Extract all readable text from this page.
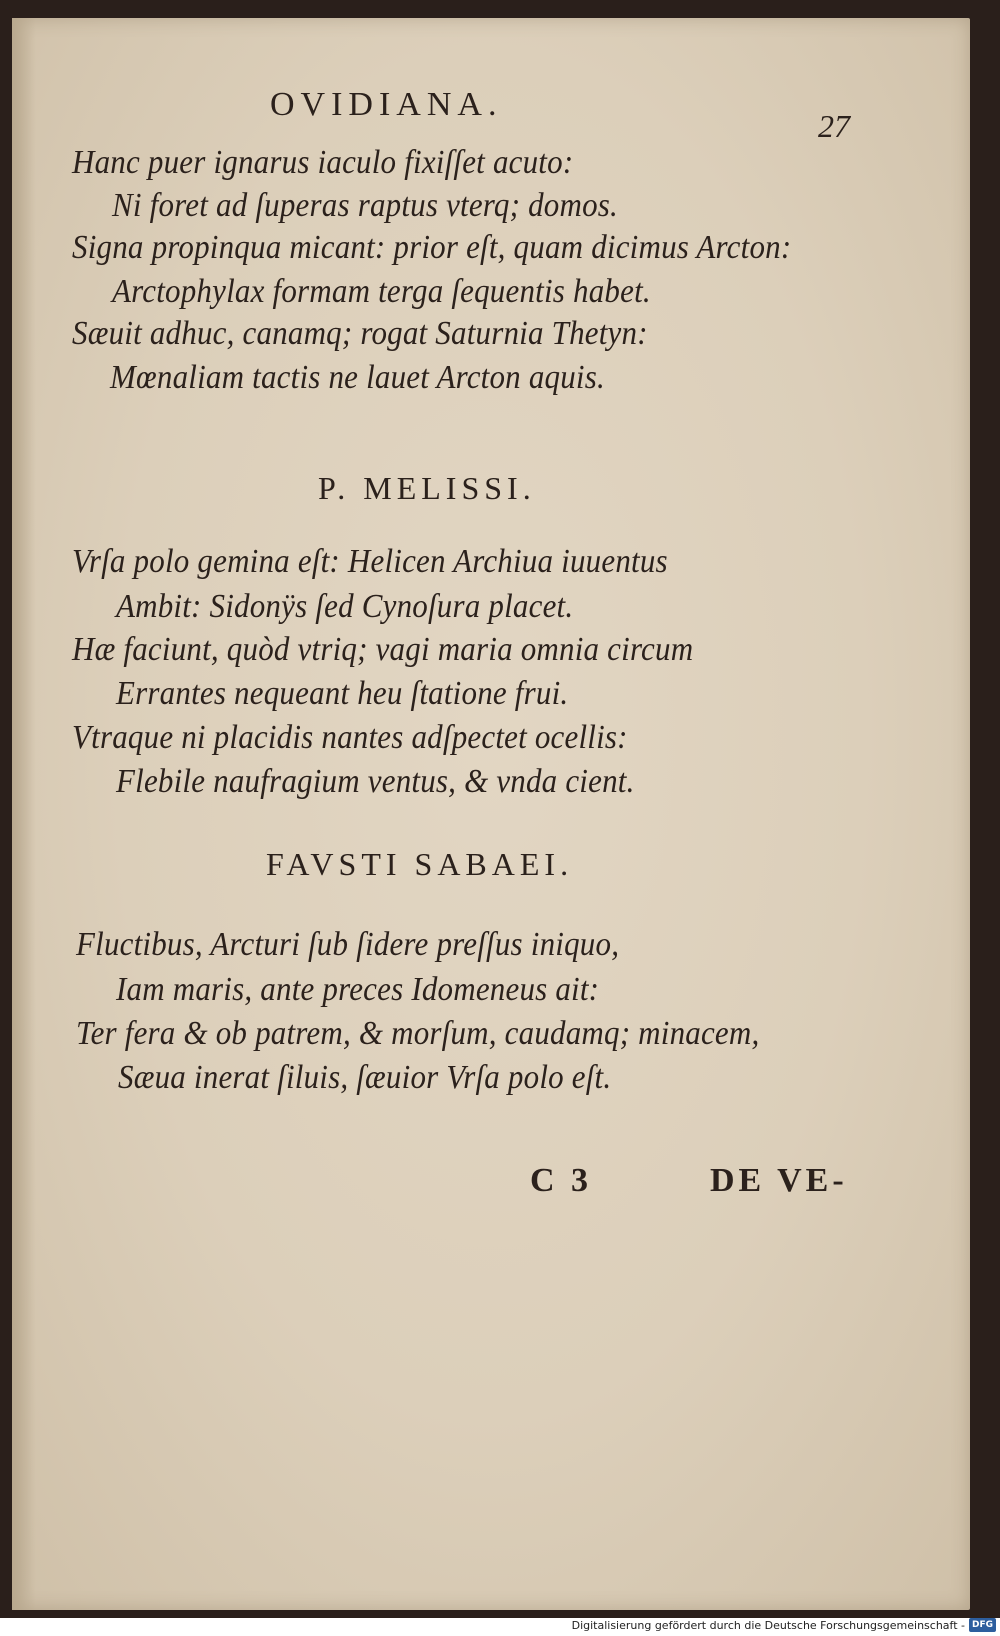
OVIDIANA.
27
Hanc puer ignarus iaculo fixiſſet acuto:
Ni foret ad ſuperas raptus vterq; domos.
Signa propinqua micant: prior eſt, quam dicimus Arcton:
Arctophylax formam terga ſequentis habet.
Sæuit adhuc, canamq; rogat Saturnia Thetyn:
Mœnaliam tactis ne lauet Arcton aquis.
P. MELISSI.
Vrſa polo gemina eſt: Helicen Archiua iuuentus
Ambit: Sidonÿs ſed Cynoſura placet.
Hæ faciunt, quòd vtriq; vagi maria omnia circum
Errantes nequeant heu ſtatione frui.
Vtraque ni placidis nantes adſpectet ocellis:
Flebile naufragium ventus, & vnda cient.
FAVSTI SABAEI.
Fluctibus, Arcturi ſub ſidere preſſus iniquo,
Iam maris, ante preces Idomeneus ait:
Ter fera & ob patrem, & morſum, caudamq; minacem,
Sæua inerat ſiluis, ſæuior Vrſa polo eſt.
C 3	DE VE-
Digitalisierung gefördert durch die Deutsche Forschungsgemeinschaft - DFG
